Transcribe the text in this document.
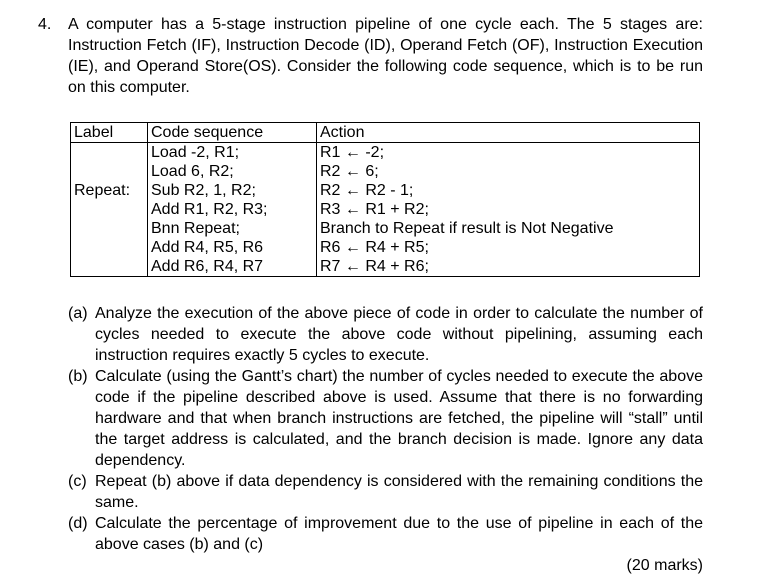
4. A computer has a 5-stage instruction pipeline of one cycle each. The 5 stages are: Instruction Fetch (IF), Instruction Decode (ID), Operand Fetch (OF), Instruction Execution (IE), and Operand Store(OS). Consider the following code sequence, which is to be run on this computer.
Label	Code sequence	Action
	Load -2, R1;	R1 ← -2;
	Load 6, R2;	R2 ← 6;
Repeat:	Sub R2, 1, R2;	R2 ← R2 - 1;
	Add R1, R2, R3;	R3 ← R1 + R2;
	Bnn Repeat;	Branch to Repeat if result is Not Negative
	Add R4, R5, R6	R6 ← R4 + R5;
	Add R6, R4, R7	R7 ← R4 + R6;
(a) Analyze the execution of the above piece of code in order to calculate the number of cycles needed to execute the above code without pipelining, assuming each instruction requires exactly 5 cycles to execute.
(b) Calculate (using the Gantt’s chart) the number of cycles needed to execute the above code if the pipeline described above is used. Assume that there is no forwarding hardware and that when branch instructions are fetched, the pipeline will “stall” until the target address is calculated, and the branch decision is made. Ignore any data dependency.
(c) Repeat (b) above if data dependency is considered with the remaining conditions the same.
(d) Calculate the percentage of improvement due to the use of pipeline in each of the above cases (b) and (c)
(20 marks)
